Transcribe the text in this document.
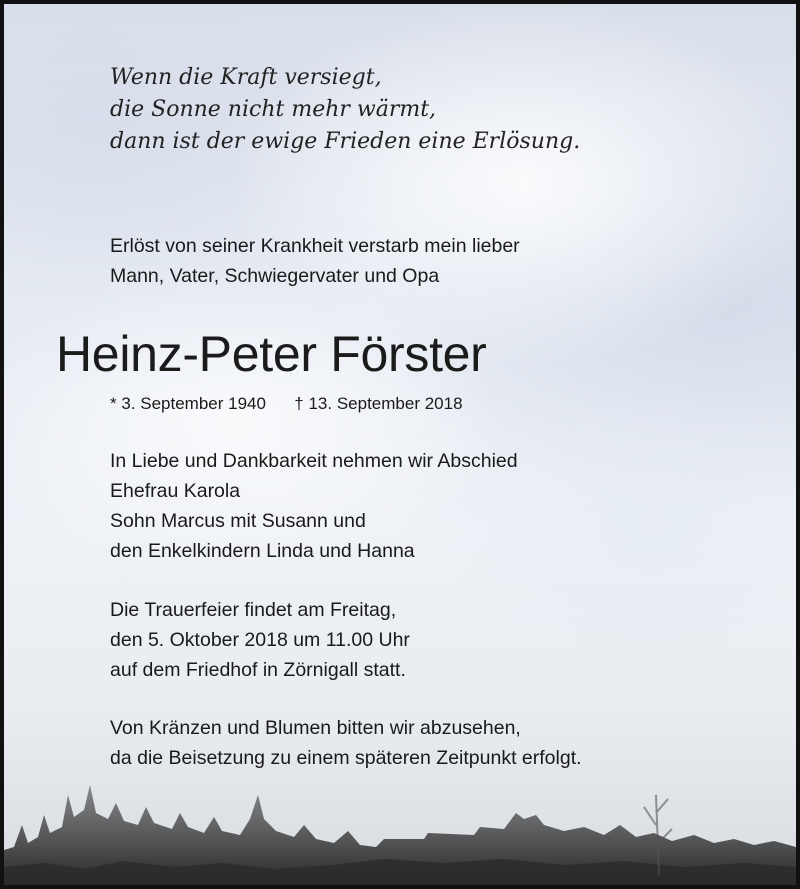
Wenn die Kraft versiegt,
die Sonne nicht mehr wärmt,
dann ist der ewige Frieden eine Erlösung.
Erlöst von seiner Krankheit verstarb mein lieber
Mann, Vater, Schwiegervater und Opa
Heinz-Peter Förster
* 3. September 1940 † 13. September 2018
In Liebe und Dankbarkeit nehmen wir Abschied
Ehefrau Karola
Sohn Marcus mit Susann und
den Enkelkindern Linda und Hanna
Die Trauerfeier findet am Freitag,
den 5. Oktober 2018 um 11.00 Uhr
auf dem Friedhof in Zörnigall statt.
Von Kränzen und Blumen bitten wir abzusehen,
da die Beisetzung zu einem späteren Zeitpunkt erfolgt.
